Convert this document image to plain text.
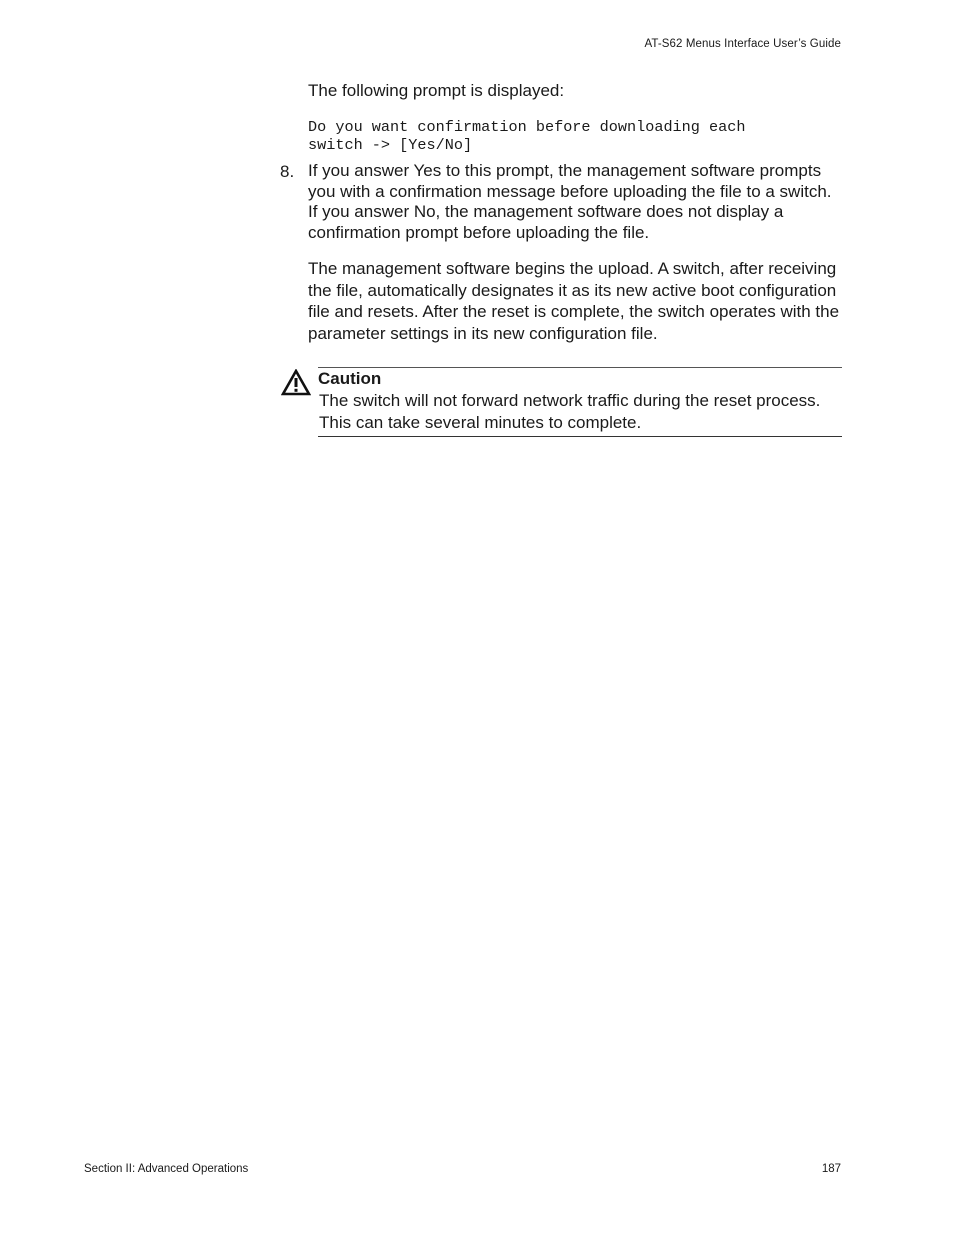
AT-S62 Menus Interface User’s Guide

The following prompt is displayed:

Do you want confirmation before downloading each
switch -> [Yes/No]
8. If you answer Yes to this prompt, the management software prompts you with a confirmation message before uploading the file to a switch. If you answer No, the management software does not display a confirmation prompt before uploading the file.

The management software begins the upload. A switch, after receiving the file, automatically designates it as its new active boot configuration file and resets. After the reset is complete, the switch operates with the parameter settings in its new configuration file.

Caution

The switch will not forward network traffic during the reset process. This can take several minutes to complete.

Section II: Advanced Operations	187
